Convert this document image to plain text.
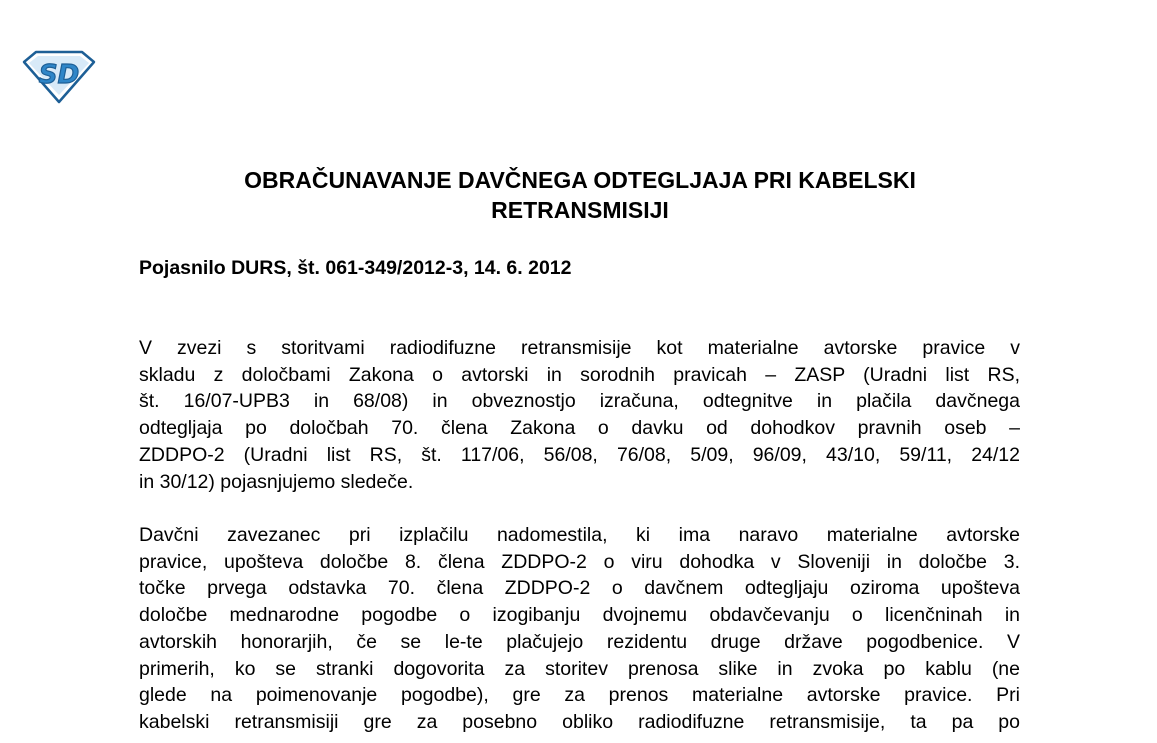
SD
OBRAČUNAVANJE DAVČNEGA ODTEGLJAJA PRI KABELSKI
RETRANSMISIJI
Pojasnilo DURS, št. 061-349/2012-3, 14. 6. 2012
V zvezi s storitvami radiodifuzne retransmisije kot materialne avtorske pravice v
skladu z določbami Zakona o avtorski in sorodnih pravicah – ZASP (Uradni list RS,
št. 16/07-UPB3 in 68/08) in obveznostjo izračuna, odtegnitve in plačila davčnega
odtegljaja po določbah 70. člena Zakona o davku od dohodkov pravnih oseb –
ZDDPO-2 (Uradni list RS, št. 117/06, 56/08, 76/08, 5/09, 96/09, 43/10, 59/11, 24/12
in 30/12) pojasnjujemo sledeče.
Davčni zavezanec pri izplačilu nadomestila, ki ima naravo materialne avtorske
pravice, upošteva določbe 8. člena ZDDPO-2 o viru dohodka v Sloveniji in določbe 3.
točke prvega odstavka 70. člena ZDDPO-2 o davčnem odtegljaju oziroma upošteva
določbe mednarodne pogodbe o izogibanju dvojnemu obdavčevanju o licenčninah in
avtorskih honorarjih, če se le-te plačujejo rezidentu druge države pogodbenice. V
primerih, ko se stranki dogovorita za storitev prenosa slike in zvoka po kablu (ne
glede na poimenovanje pogodbe), gre za prenos materialne avtorske pravice. Pri
kabelski retransmisiji gre za posebno obliko radiodifuzne retransmisije, ta pa po
